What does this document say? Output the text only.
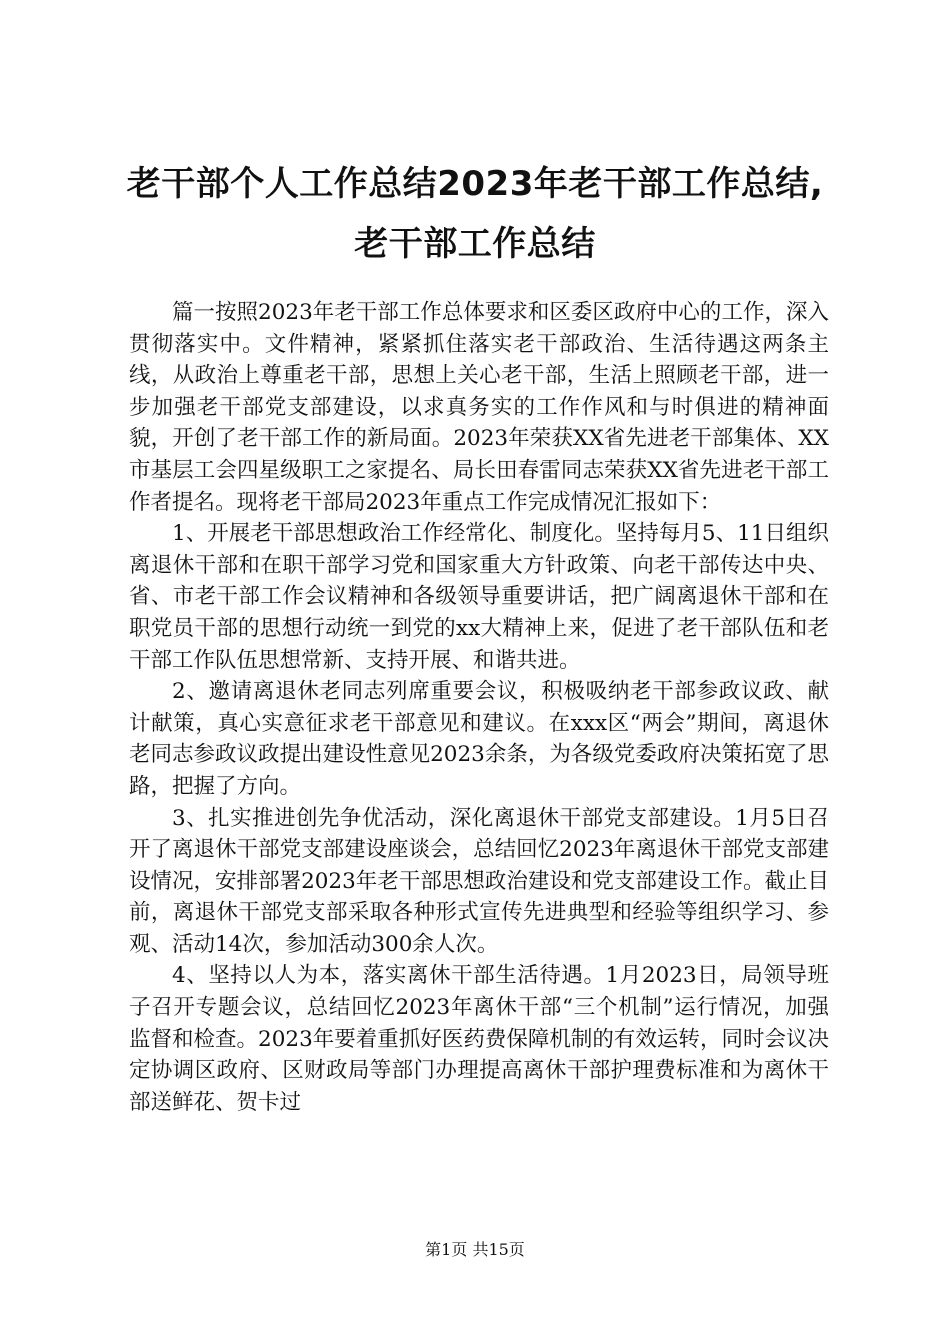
老干部个人工作总结2023年老干部工作总结,
老干部工作总结

篇一按照2023年老干部工作总体要求和区委区政府中心的工作，深入贯彻落实中。文件精神，紧紧抓住落实老干部政治、生活待遇这两条主线，从政治上尊重老干部，思想上关心老干部，生活上照顾老干部，进一步加强老干部党支部建设，以求真务实的工作作风和与时俱进的精神面貌，开创了老干部工作的新局面。2023年荣获XX省先进老干部集体、XX市基层工会四星级职工之家提名、局长田春雷同志荣获XX省先进老干部工作者提名。现将老干部局2023年重点工作完成情况汇报如下：

1、开展老干部思想政治工作经常化、制度化。坚持每月5、11日组织离退休干部和在职干部学习党和国家重大方针政策、向老干部传达中央、省、市老干部工作会议精神和各级领导重要讲话，把广阔离退休干部和在职党员干部的思想行动统一到党的xx大精神上来，促进了老干部队伍和老干部工作队伍思想常新、支持开展、和谐共进。

2、邀请离退休老同志列席重要会议，积极吸纳老干部参政议政、献计献策，真心实意征求老干部意见和建议。在xxx区“两会”期间，离退休老同志参政议政提出建设性意见2023余条，为各级党委政府决策拓宽了思路，把握了方向。

3、扎实推进创先争优活动，深化离退休干部党支部建设。1月5日召开了离退休干部党支部建设座谈会，总结回忆2023年离退休干部党支部建设情况，安排部署2023年老干部思想政治建设和党支部建设工作。截止目前，离退休干部党支部采取各种形式宣传先进典型和经验等组织学习、参观、活动14次，参加活动300余人次。

4、坚持以人为本，落实离休干部生活待遇。1月2023日，局领导班子召开专题会议，总结回忆2023年离休干部“三个机制”运行情况，加强监督和检查。2023年要着重抓好医药费保障机制的有效运转，同时会议决定协调区政府、区财政局等部门办理提高离休干部护理费标准和为离休干部送鲜花、贺卡过

第1页 共15页
